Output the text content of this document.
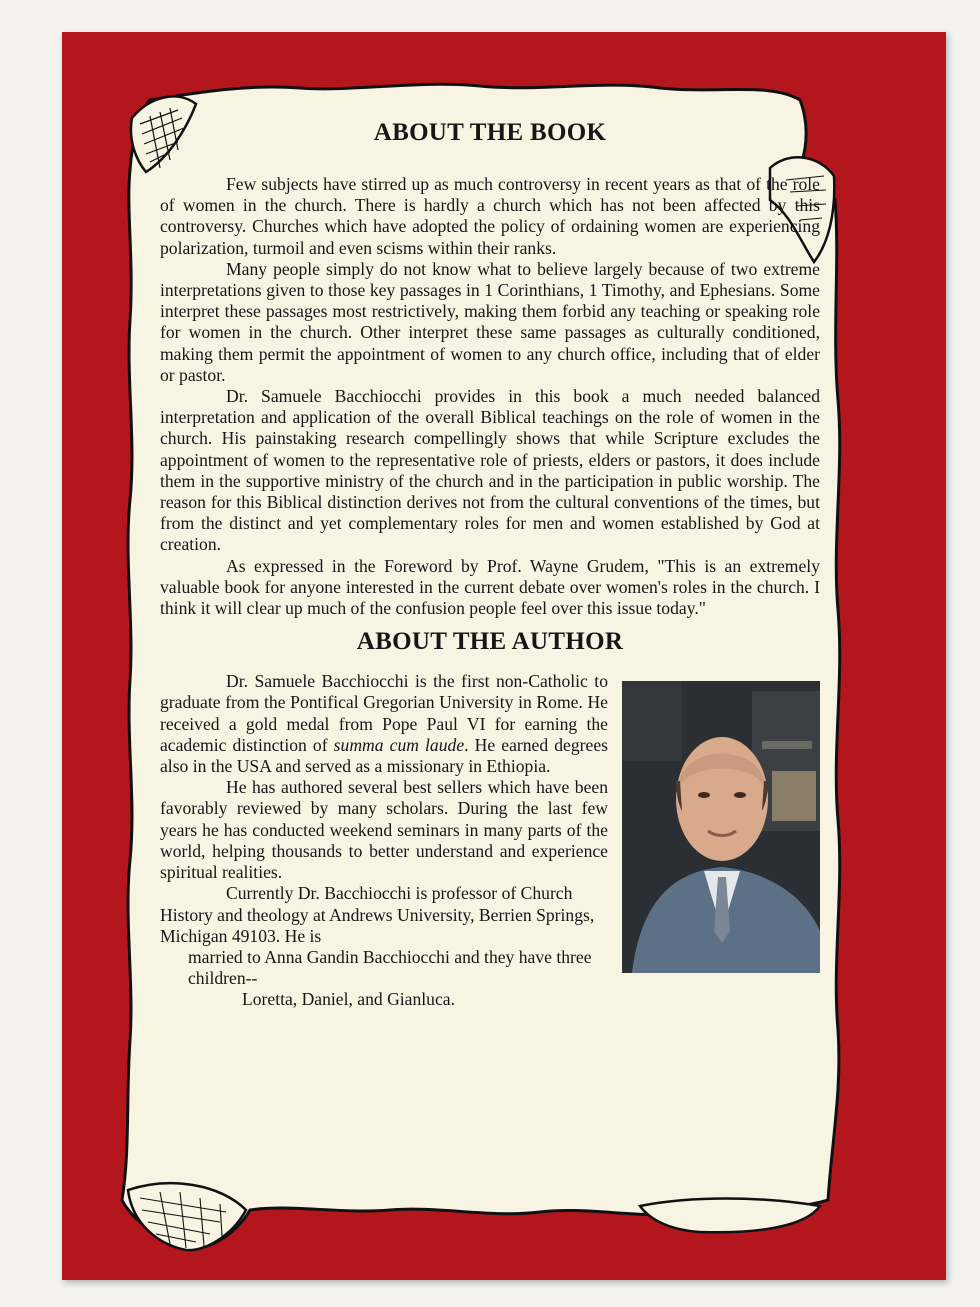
ABOUT THE BOOK

Few subjects have stirred up as much controversy in recent years as that of the role of women in the church. There is hardly a church which has not been affected by this controversy. Churches which have adopted the policy of ordaining women are experiencing polarization, turmoil and even scisms within their ranks.

Many people simply do not know what to believe largely because of two extreme interpretations given to those key passages in 1 Corinthians, 1 Timothy, and Ephesians. Some interpret these passages most restrictively, making them forbid any teaching or speaking role for women in the church. Other interpret these same passages as culturally conditioned, making them permit the appointment of women to any church office, including that of elder or pastor.

Dr. Samuele Bacchiocchi provides in this book a much needed balanced interpretation and application of the overall Biblical teachings on the role of women in the church. His painstaking research compellingly shows that while Scripture excludes the appointment of women to the representative role of priests, elders or pastors, it does include them in the supportive ministry of the church and in the participation in public worship. The reason for this Biblical distinction derives not from the cultural conventions of the times, but from the distinct and yet complementary roles for men and women established by God at creation.

As expressed in the Foreword by Prof. Wayne Grudem, "This is an extremely valuable book for anyone interested in the current debate over women's roles in the church. I think it will clear up much of the confusion people feel over this issue today."

ABOUT THE AUTHOR

Dr. Samuele Bacchiocchi is the first non-Catholic to graduate from the Pontifical Gregorian University in Rome. He received a gold medal from Pope Paul VI for earning the academic distinction of summa cum laude. He earned degrees also in the USA and served as a missionary in Ethiopia.

He has authored several best sellers which have been favorably reviewed by many scholars. During the last few years he has conducted weekend seminars in many parts of the world, helping thousands to better understand and experience spiritual realities.

Currently Dr. Bacchiocchi is professor of Church History and theology at Andrews University, Berrien Springs, Michigan 49103. He is

married to Anna Gandin Bacchiocchi and they have three children--

Loretta, Daniel, and Gianluca.
